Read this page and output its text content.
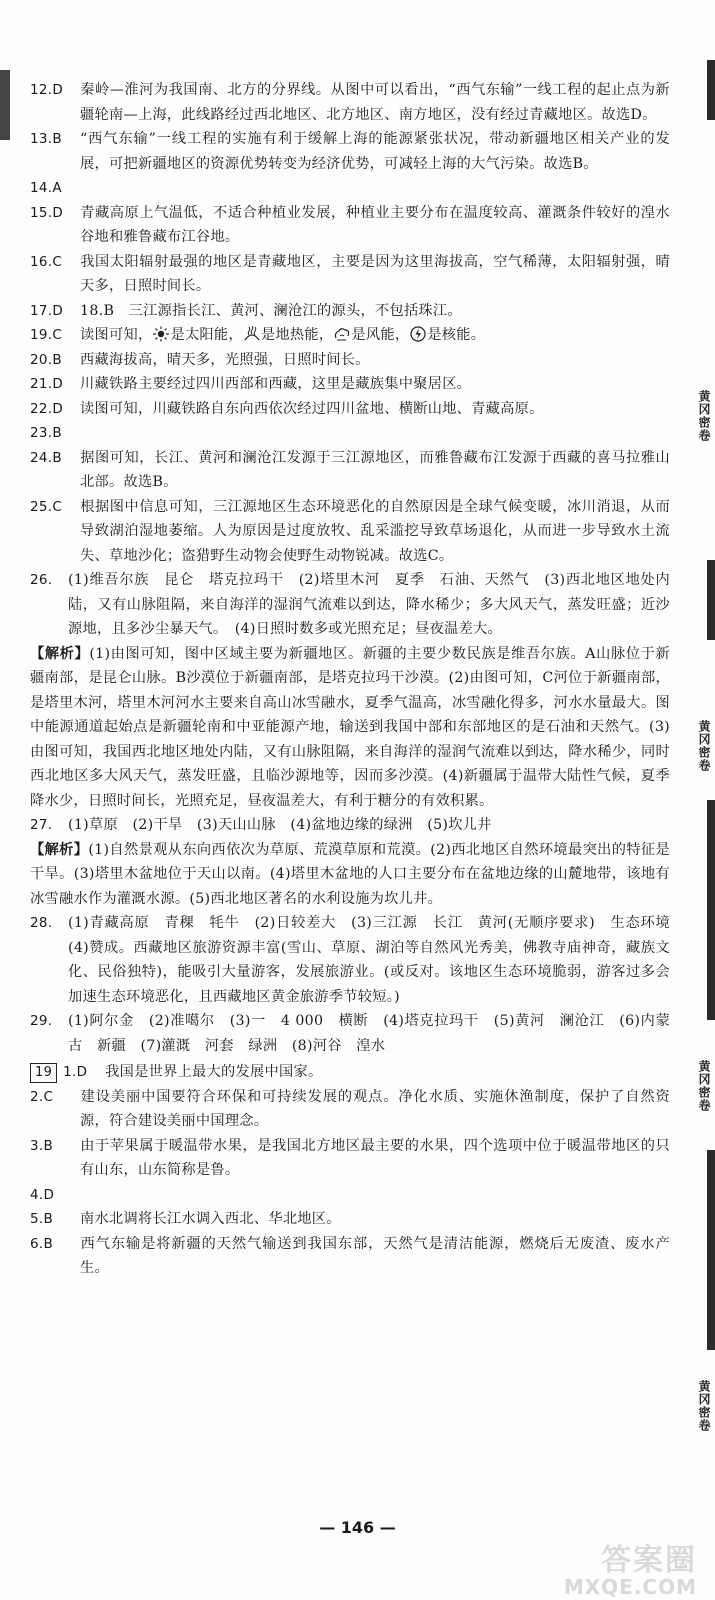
黄冈密卷
黄冈密卷
黄冈密卷
黄冈密卷

12.D 秦岭—淮河为我国南、北方的分界线。从图中可以看出，“西气东输”一线工程的起止点为新疆轮南—上海，此线路经过西北地区、北方地区、南方地区，没有经过青藏地区。故选D。

13.B “西气东输”一线工程的实施有利于缓解上海的能源紧张状况，带动新疆地区相关产业的发展，可把新疆地区的资源优势转变为经济优势，可减轻上海的大气污染。故选B。

14.A

15.D 青藏高原上气温低，不适合种植业发展，种植业主要分布在温度较高、灌溉条件较好的湟水谷地和雅鲁藏布江谷地。

16.C 我国太阳辐射最强的地区是青藏地区，主要是因为这里海拔高，空气稀薄，太阳辐射强，晴天多，日照时间长。

17.D 18.B　三江源指长江、黄河、澜沧江的源头，不包括珠江。

19.C 读图可知， 是太阳能， 是地热能， 是风能， 是核能。

20.B 西藏海拔高，晴天多，光照强，日照时间长。

21.D 川藏铁路主要经过四川西部和西藏，这里是藏族集中聚居区。

22.D 读图可知，川藏铁路自东向西依次经过四川盆地、横断山地、青藏高原。

23.B

24.B 据图可知，长江、黄河和澜沧江发源于三江源地区，而雅鲁藏布江发源于西藏的喜马拉雅山北部。故选B。

25.C 根据图中信息可知，三江源地区生态环境恶化的自然原因是全球气候变暖，冰川消退，从而导致湖泊湿地萎缩。人为原因是过度放牧、乱采滥挖导致草场退化，从而进一步导致水土流失、草地沙化；盗猎野生动物会使野生动物锐减。故选C。

26. (1)维吾尔族　昆仑　塔克拉玛干　(2)塔里木河　夏季　石油、天然气　(3)西北地区地处内陆，又有山脉阻隔，来自海洋的湿润气流难以到达，降水稀少；多大风天气，蒸发旺盛；近沙源地，且多沙尘暴天气。　(4)日照时数多或光照充足；昼夜温差大。

【解析】(1)由图可知，图中区域主要为新疆地区。新疆的主要少数民族是维吾尔族。A山脉位于新疆南部，是昆仑山脉。B沙漠位于新疆南部，是塔克拉玛干沙漠。(2)由图可知，C河位于新疆南部，是塔里木河，塔里木河河水主要来自高山冰雪融水，夏季气温高，冰雪融化得多，河水水量最大。图中能源通道起始点是新疆轮南和中亚能源产地，输送到我国中部和东部地区的是石油和天然气。(3)由图可知，我国西北地区地处内陆，又有山脉阻隔，来自海洋的湿润气流难以到达，降水稀少，同时西北地区多大风天气，蒸发旺盛，且临沙源地等，因而多沙漠。(4)新疆属于温带大陆性气候，夏季降水少，日照时间长，光照充足，昼夜温差大，有利于糖分的有效积累。

27. (1)草原　(2)干旱　(3)天山山脉　(4)盆地边缘的绿洲　(5)坎儿井

【解析】(1)自然景观从东向西依次为草原、荒漠草原和荒漠。(2)西北地区自然环境最突出的特征是干旱。(3)塔里木盆地位于天山以南。(4)塔里木盆地的人口主要分布在盆地边缘的山麓地带，该地有冰雪融水作为灌溉水源。(5)西北地区著名的水利设施为坎儿井。

28. (1)青藏高原　青稞　牦牛　(2)日较差大　(3)三江源　长江　黄河(无顺序要求)　生态环境　(4)赞成。西藏地区旅游资源丰富(雪山、草原、湖泊等自然风光秀美，佛教寺庙神奇，藏族文化、民俗独特)，能吸引大量游客，发展旅游业。(或反对。该地区生态环境脆弱，游客过多会加速生态环境恶化，且西藏地区黄金旅游季节较短。)

29. (1)阿尔金　(2)准噶尔　(3)一　4 000　横断　(4)塔克拉玛干　(5)黄河　澜沧江　(6)内蒙古　新疆　(7)灌溉　河套　绿洲　(8)河谷　湟水

19 1.D 我国是世界上最大的发展中国家。

2.C 建设美丽中国要符合环保和可持续发展的观点。净化水质、实施休渔制度，保护了自然资源，符合建设美丽中国理念。

3.B 由于苹果属于暖温带水果，是我国北方地区最主要的水果，四个选项中位于暖温带地区的只有山东，山东简称是鲁。

4.D

5.B 南水北调将长江水调入西北、华北地区。

6.B 西气东输是将新疆的天然气输送到我国东部，天然气是清洁能源，燃烧后无废渣、废水产生。

— 146 —
答案圈
MXQE.COM
